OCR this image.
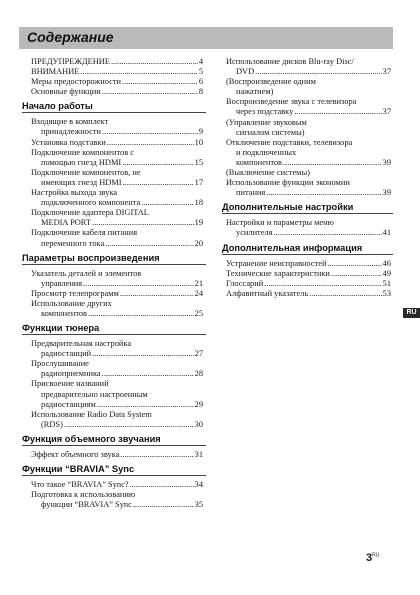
Содержание
ПРЕДУПРЕЖДЕНИЕ .....	4
ВНИМАНИЕ .....	5
Меры предосторожности .....	6
Основные функции .....	8
Начало работы
Входящие в комплект
принадлежности .....	9
Установка подставки .....	10
Подключение компонентов с
помощью гнезд HDMI .....	15
Подключение компонентов, не
имеющих гнезд HDMI .....	17
Настройка выхода звука
подключенного компонента .....	18
Подключение адаптера DIGITAL
MEDIA PORT .....	19
Подключение кабеля питания
переменного тока .....	20
Параметры воспроизведения
Указатель деталей и элементов
управления .....	21
Просмотр телепрограмм .....	24
Использование других
компонентов .....	25
Функции тюнера
Предварительная настройка
радиостанций .....	27
Прослушивание
радиоприемника .....	28
Присвоение названий
предварительно настроенным
радиостанциям .....	29
Использование Radio Data System
(RDS) .....	30
Функция объемного звучания
Эффект объемного звука .....	31
Функции “BRAVIA” Sync
Что такое “BRAVIA” Sync? .....	34
Подготовка к использованию
функции “BRAVIA” Sync .....	35
Использование дисков Blu-ray Disc/
DVD .....	37
(Воспроизведение одним
нажатием)
Воспроизведение звука с телевизора
через подставку .....	37
(Управление звуковым
сигналом системы)
Отключение подставки, телевизора
и подключенных
компонентов .....	39
(Выключение системы)
Использование функции экономии
питания .....	39
Дополнительные настройки
Настройки и параметры меню
усилителя .....	41
Дополнительная информация
Устранение неисправностей .....	46
Технические характеристики .....	49
Глоссарий .....	51
Алфавитный указатель .....	53
RU
$3^{RU}$
